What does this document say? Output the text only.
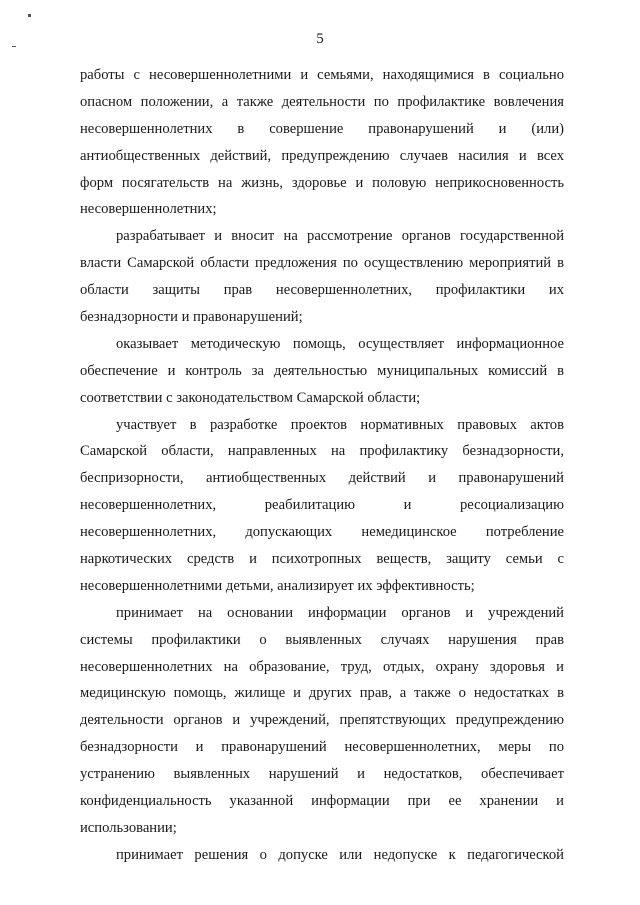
5
работы с несовершеннолетними и семьями, находящимися в социально
опасном положении, а также деятельности по профилактике вовлечения
несовершеннолетних в совершение правонарушений и (или)
антиобщественных действий, предупреждению случаев насилия и всех
форм посягательств на жизнь, здоровье и половую неприкосновенность
несовершеннолетних;
разрабатывает и вносит на рассмотрение органов государственной
власти Самарской области предложения по осуществлению мероприятий в
области защиты прав несовершеннолетних, профилактики их
безнадзорности и правонарушений;
оказывает методическую помощь, осуществляет информационное
обеспечение и контроль за деятельностью муниципальных комиссий в
соответствии с законодательством Самарской области;
участвует в разработке проектов нормативных правовых актов
Самарской области, направленных на профилактику безнадзорности,
беспризорности, антиобщественных действий и правонарушений
несовершеннолетних, реабилитацию и ресоциализацию
несовершеннолетних, допускающих немедицинское потребление
наркотических средств и психотропных веществ, защиту семьи с
несовершеннолетними детьми, анализирует их эффективность;
принимает на основании информации органов и учреждений
системы профилактики о выявленных случаях нарушения прав
несовершеннолетних на образование, труд, отдых, охрану здоровья и
медицинскую помощь, жилище и других прав, а также о недостатках в
деятельности органов и учреждений, препятствующих предупреждению
безнадзорности и правонарушений несовершеннолетних, меры по
устранению выявленных нарушений и недостатков, обеспечивает
конфиденциальность указанной информации при ее хранении и
использовании;
принимает решения о допуске или недопуске к педагогической
